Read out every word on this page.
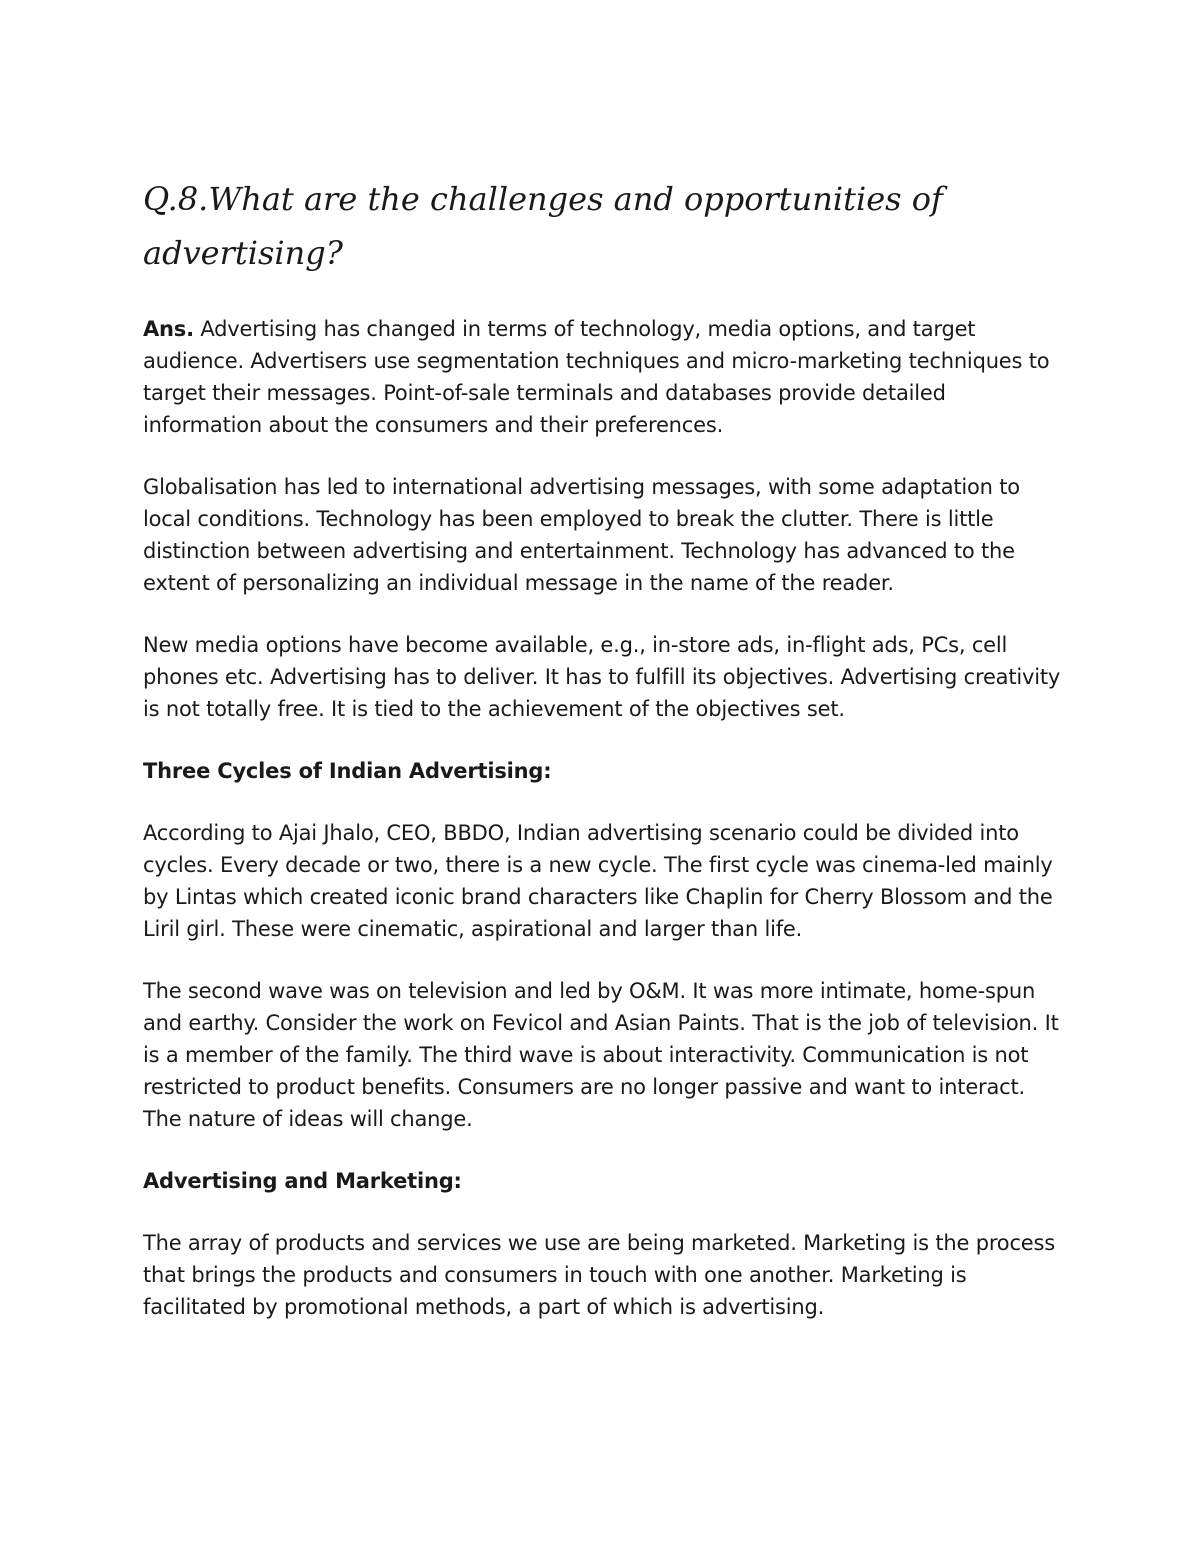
Q.8.What are the challenges and opportunities of advertising?

Ans. Advertising has changed in terms of technology, media options, and target audience. Advertisers use segmentation techniques and micro-marketing techniques to target their messages. Point-of-sale terminals and databases provide detailed information about the consumers and their preferences.

Globalisation has led to international advertising messages, with some adaptation to local conditions. Technology has been employed to break the clutter. There is little distinction between advertising and entertainment. Technology has advanced to the extent of personalizing an individual message in the name of the reader.

New media options have become available, e.g., in-store ads, in-flight ads, PCs, cell phones etc. Advertising has to deliver. It has to fulfill its objectives. Advertising creativity is not totally free. It is tied to the achievement of the objectives set.

Three Cycles of Indian Advertising:

According to Ajai Jhalo, CEO, BBDO, Indian advertising scenario could be divided into cycles. Every decade or two, there is a new cycle. The first cycle was cinema-led mainly by Lintas which created iconic brand characters like Chaplin for Cherry Blossom and the Liril girl. These were cinematic, aspirational and larger than life.

The second wave was on television and led by O&M. It was more intimate, home-spun and earthy. Consider the work on Fevicol and Asian Paints. That is the job of television. It is a member of the family. The third wave is about interactivity. Communication is not restricted to product benefits. Consumers are no longer passive and want to interact. The nature of ideas will change.

Advertising and Marketing:

The array of products and services we use are being marketed. Marketing is the process that brings the products and consumers in touch with one another. Marketing is facilitated by promotional methods, a part of which is advertising.
